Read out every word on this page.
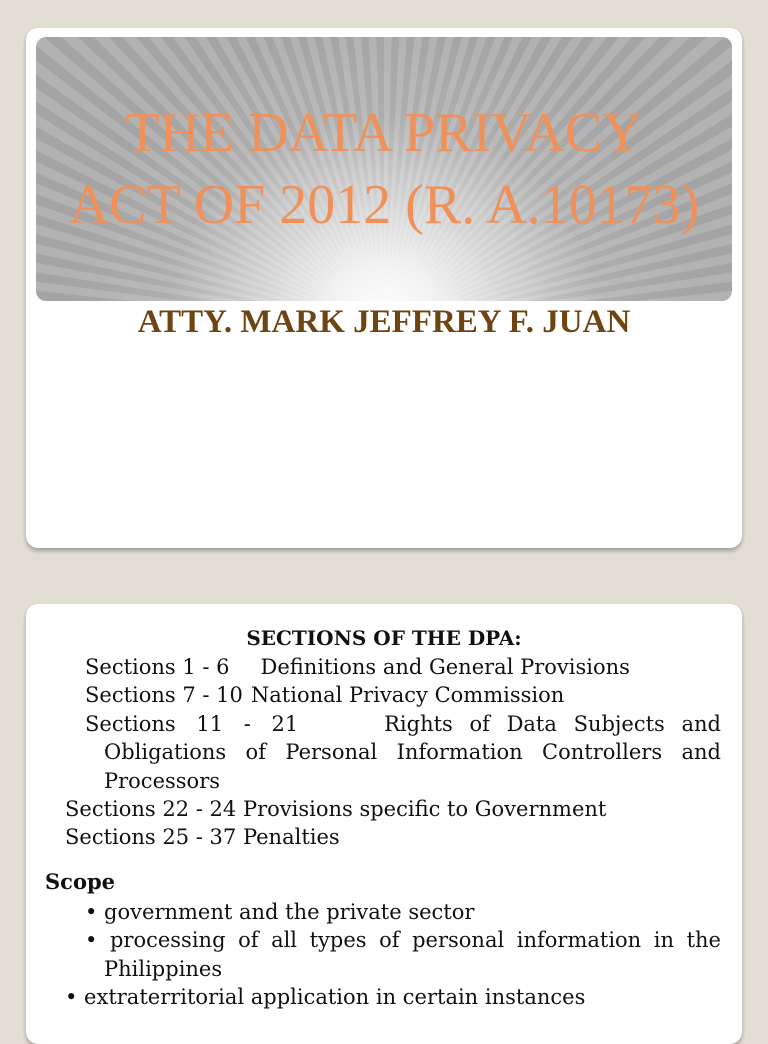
THE DATA PRIVACY
ACT OF 2012 (R. A.10173)

ATTY. MARK JEFFREY F. JUAN

SECTIONS OF THE DPA:
Sections 1 - 6 Definitions and General Provisions
Sections 7 - 10 National Privacy Commission
Sections 11 - 21	Rights of Data Subjects and
Obligations of Personal Information Controllers and Processors
Sections 22 - 24 Provisions specific to Government
Sections 25 - 37 Penalties
Scope
• government and the private sector
• processing of all types of personal information in the Philippines
• extraterritorial application in certain instances
